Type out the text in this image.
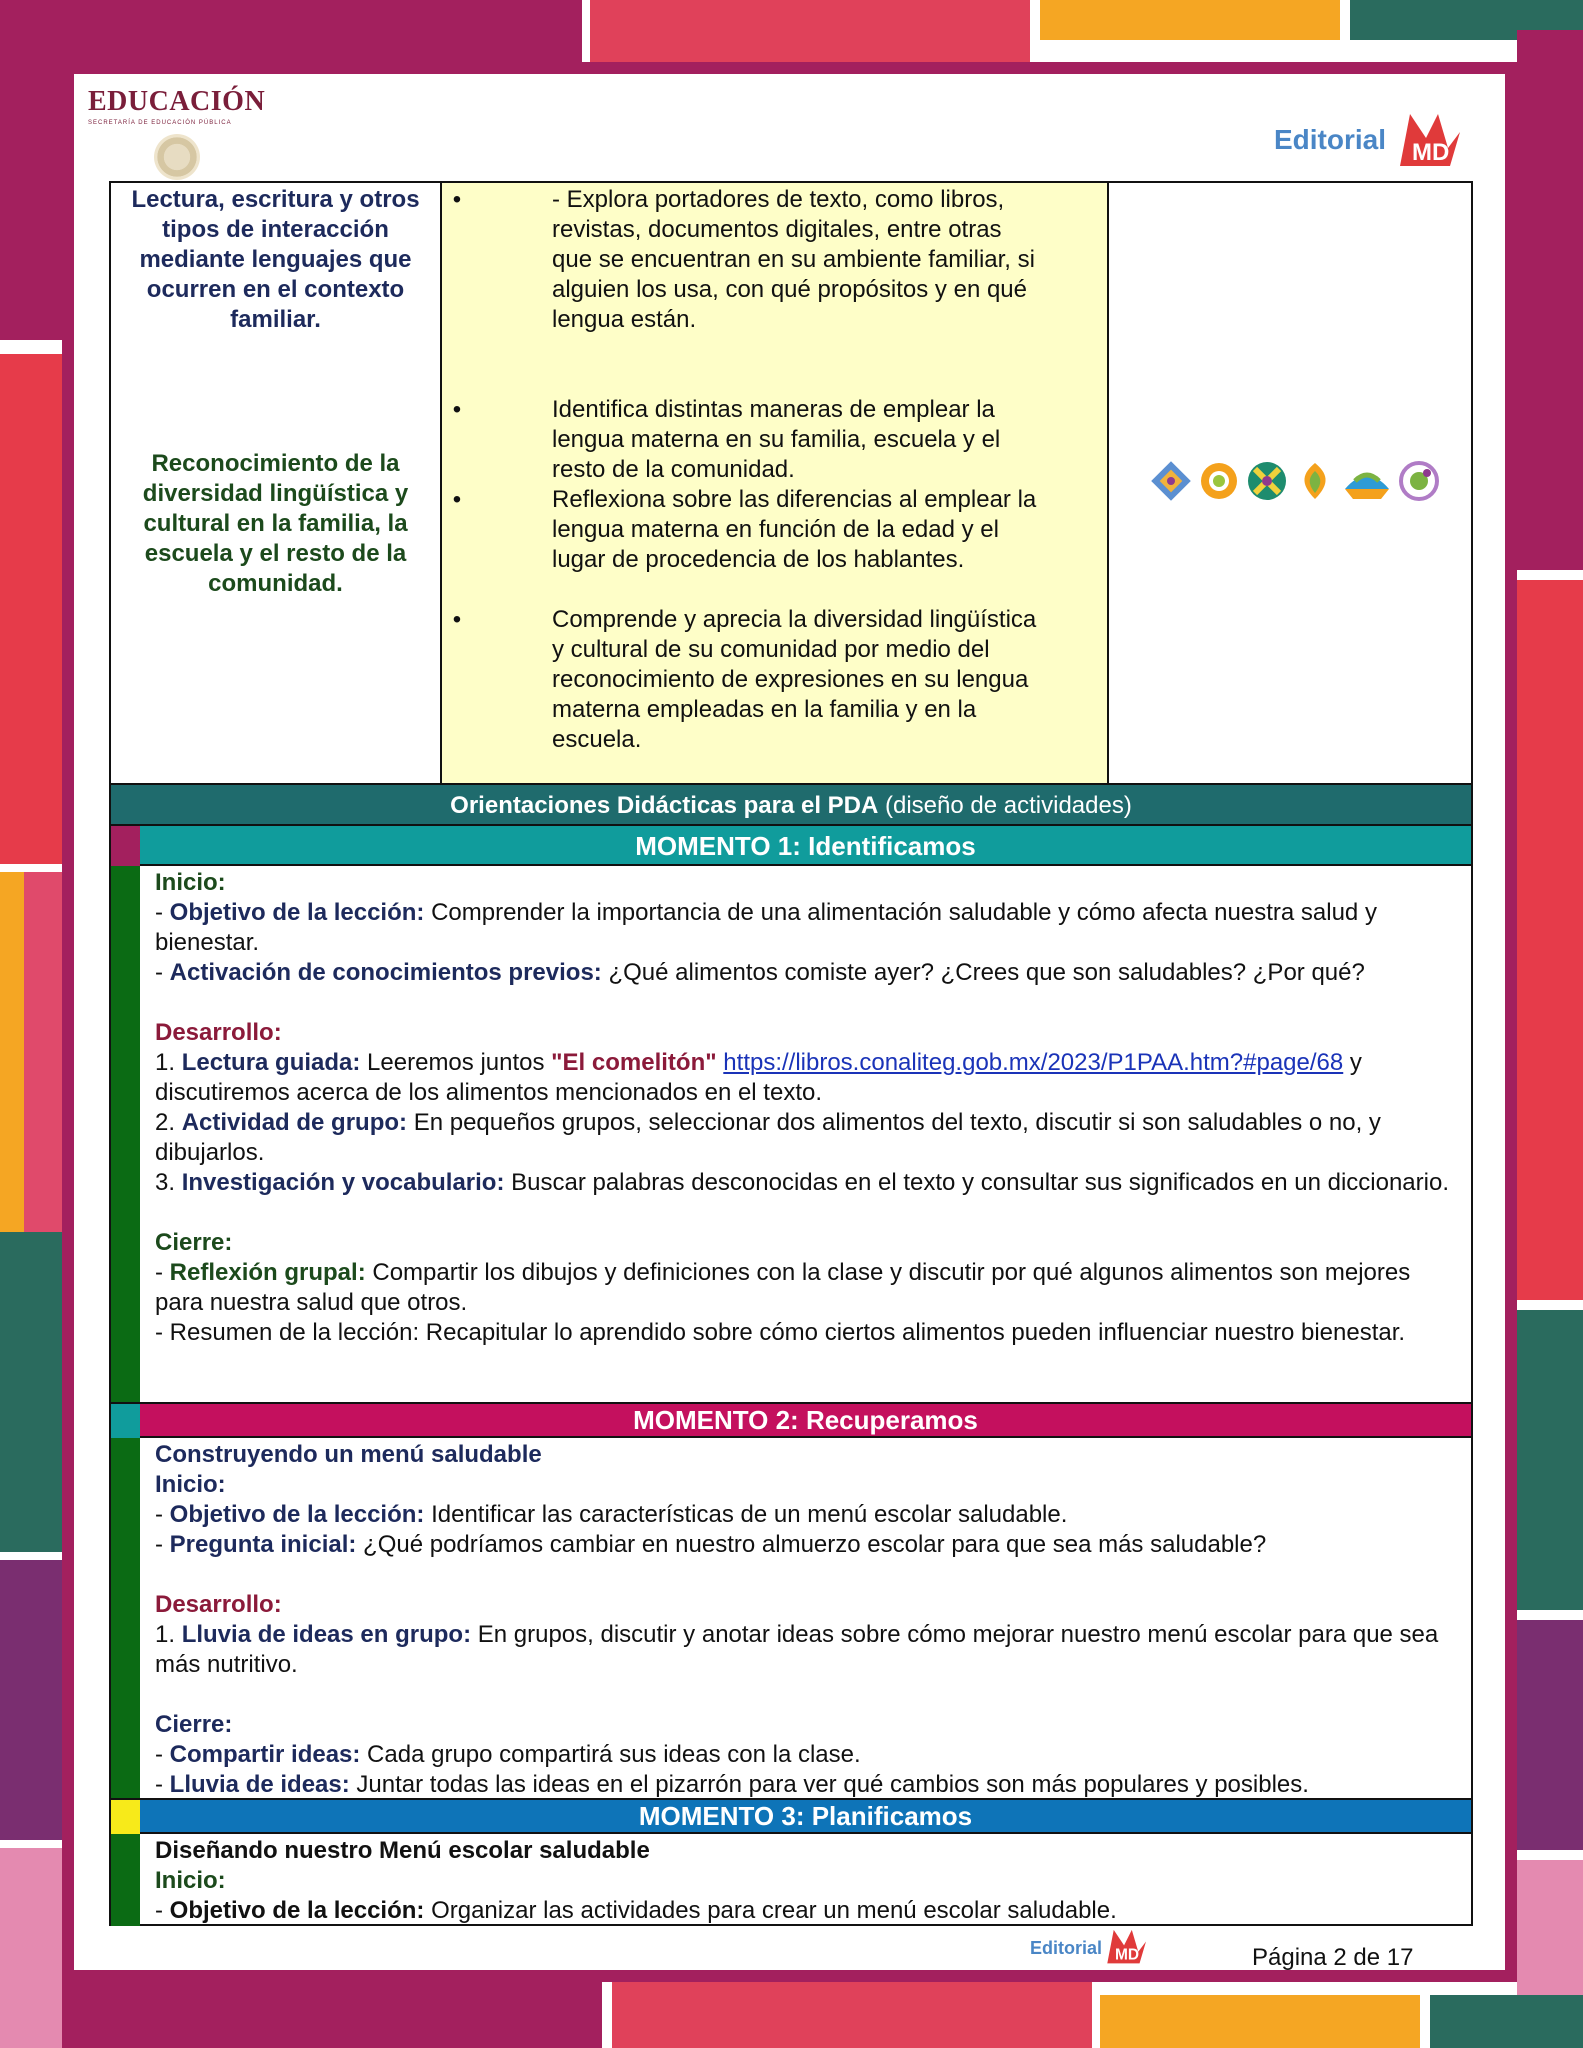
EDUCACIÓN
SECRETARÍA DE EDUCACIÓN PÚBLICA
Editorial MD
Lectura, escritura y otros tipos de interacción mediante lenguajes que ocurren en el contexto familiar.
Reconocimiento de la diversidad lingüística y cultural en la familia, la escuela y el resto de la comunidad.
•
- Explora portadores de texto, como libros, revistas, documentos digitales, entre otras que se encuentran en su ambiente familiar, si alguien los usa, con qué propósitos y en qué lengua están.
•
Identifica distintas maneras de emplear la lengua materna en su familia, escuela y el resto de la comunidad.
•
Reflexiona sobre las diferencias al emplear la lengua materna en función de la edad y el lugar de procedencia de los hablantes.
•
Comprende y aprecia la diversidad lingüística y cultural de su comunidad por medio del reconocimiento de expresiones en su lengua materna empleadas en la familia y en la escuela.
Orientaciones Didácticas para el PDA (diseño de actividades)
MOMENTO 1: Identificamos

Inicio:

- Objetivo de la lección: Comprender la importancia de una alimentación saludable y cómo afecta nuestra salud y bienestar.

- Activación de conocimientos previos: ¿Qué alimentos comiste ayer? ¿Crees que son saludables? ¿Por qué?

Desarrollo:

1. Lectura guiada: Leeremos juntos "El comelitón" https://libros.conaliteg.gob.mx/2023/P1PAA.htm?#page/68 y discutiremos acerca de los alimentos mencionados en el texto.

2. Actividad de grupo: En pequeños grupos, seleccionar dos alimentos del texto, discutir si son saludables o no, y dibujarlos.

3. Investigación y vocabulario: Buscar palabras desconocidas en el texto y consultar sus significados en un diccionario.

Cierre:

- Reflexión grupal: Compartir los dibujos y definiciones con la clase y discutir por qué algunos alimentos son mejores para nuestra salud que otros.

- Resumen de la lección: Recapitular lo aprendido sobre cómo ciertos alimentos pueden influenciar nuestro bienestar.

MOMENTO 2: Recuperamos

Construyendo un menú saludable

Inicio:

- Objetivo de la lección: Identificar las características de un menú escolar saludable.

- Pregunta inicial: ¿Qué podríamos cambiar en nuestro almuerzo escolar para que sea más saludable?

Desarrollo:

1. Lluvia de ideas en grupo: En grupos, discutir y anotar ideas sobre cómo mejorar nuestro menú escolar para que sea más nutritivo.

Cierre:

- Compartir ideas: Cada grupo compartirá sus ideas con la clase.

- Lluvia de ideas: Juntar todas las ideas en el pizarrón para ver qué cambios son más populares y posibles.

MOMENTO 3: Planificamos

Diseñando nuestro Menú escolar saludable

Inicio:

- Objetivo de la lección: Organizar las actividades para crear un menú escolar saludable.

Editorial MD	Página 2 de 17
